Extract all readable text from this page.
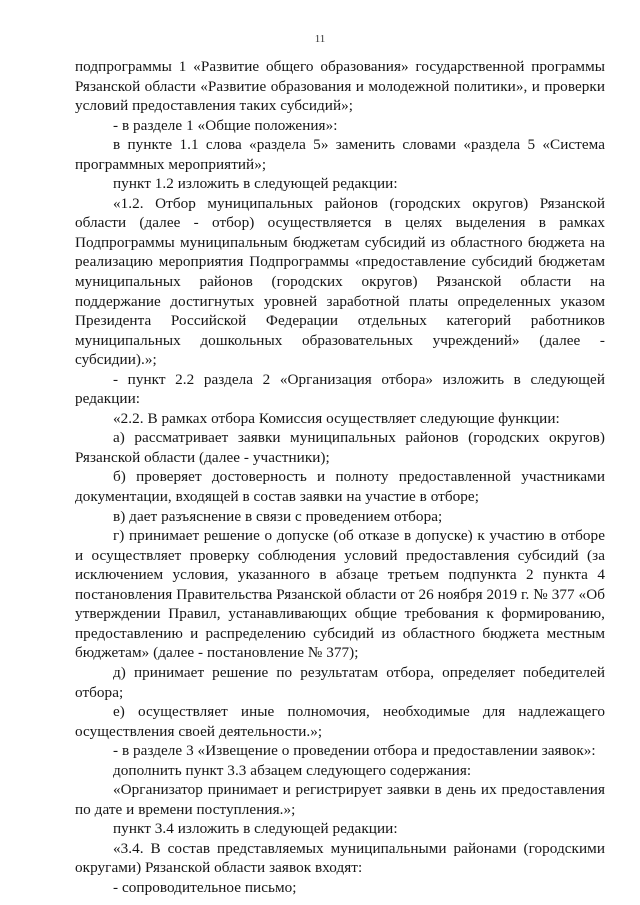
11

подпрограммы 1 «Развитие общего образования» государственной программы Рязанской области «Развитие образования и молодежной политики», и проверки условий предоставления таких субсидий»;

- в разделе 1 «Общие положения»:

в пункте 1.1 слова «раздела 5» заменить словами «раздела 5 «Система программных мероприятий»;

пункт 1.2 изложить в следующей редакции:

«1.2. Отбор муниципальных районов (городских округов) Рязанской области (далее - отбор) осуществляется в целях выделения в рамках Подпрограммы муниципальным бюджетам субсидий из областного бюджета на реализацию мероприятия Подпрограммы «предоставление субсидий бюджетам муниципальных районов (городских округов) Рязанской области на поддержание достигнутых уровней заработной платы определенных указом Президента Российской Федерации отдельных категорий работников муниципальных дошкольных образовательных учреждений» (далее - субсидии).»;

- пункт 2.2 раздела 2 «Организация отбора» изложить в следующей редакции:

«2.2. В рамках отбора Комиссия осуществляет следующие функции:

а) рассматривает заявки муниципальных районов (городских округов) Рязанской области (далее - участники);

б) проверяет достоверность и полноту предоставленной участниками документации, входящей в состав заявки на участие в отборе;

в) дает разъяснение в связи с проведением отбора;

г) принимает решение о допуске (об отказе в допуске) к участию в отборе и осуществляет проверку соблюдения условий предоставления субсидий (за исключением условия, указанного в абзаце третьем подпункта 2 пункта 4 постановления Правительства Рязанской области от 26 ноября 2019 г. № 377 «Об утверждении Правил, устанавливающих общие требования к формированию, предоставлению и распределению субсидий из областного бюджета местным бюджетам» (далее - постановление № 377);

д) принимает решение по результатам отбора, определяет победителей отбора;

е) осуществляет иные полномочия, необходимые для надлежащего осуществления своей деятельности.»;

- в разделе 3 «Извещение о проведении отбора и предоставлении заявок»:

дополнить пункт 3.3 абзацем следующего содержания:

«Организатор принимает и регистрирует заявки в день их предоставления по дате и времени поступления.»;

пункт 3.4 изложить в следующей редакции:

«3.4. В состав представляемых муниципальными районами (городскими округами) Рязанской области заявок входят:

- сопроводительное письмо;
